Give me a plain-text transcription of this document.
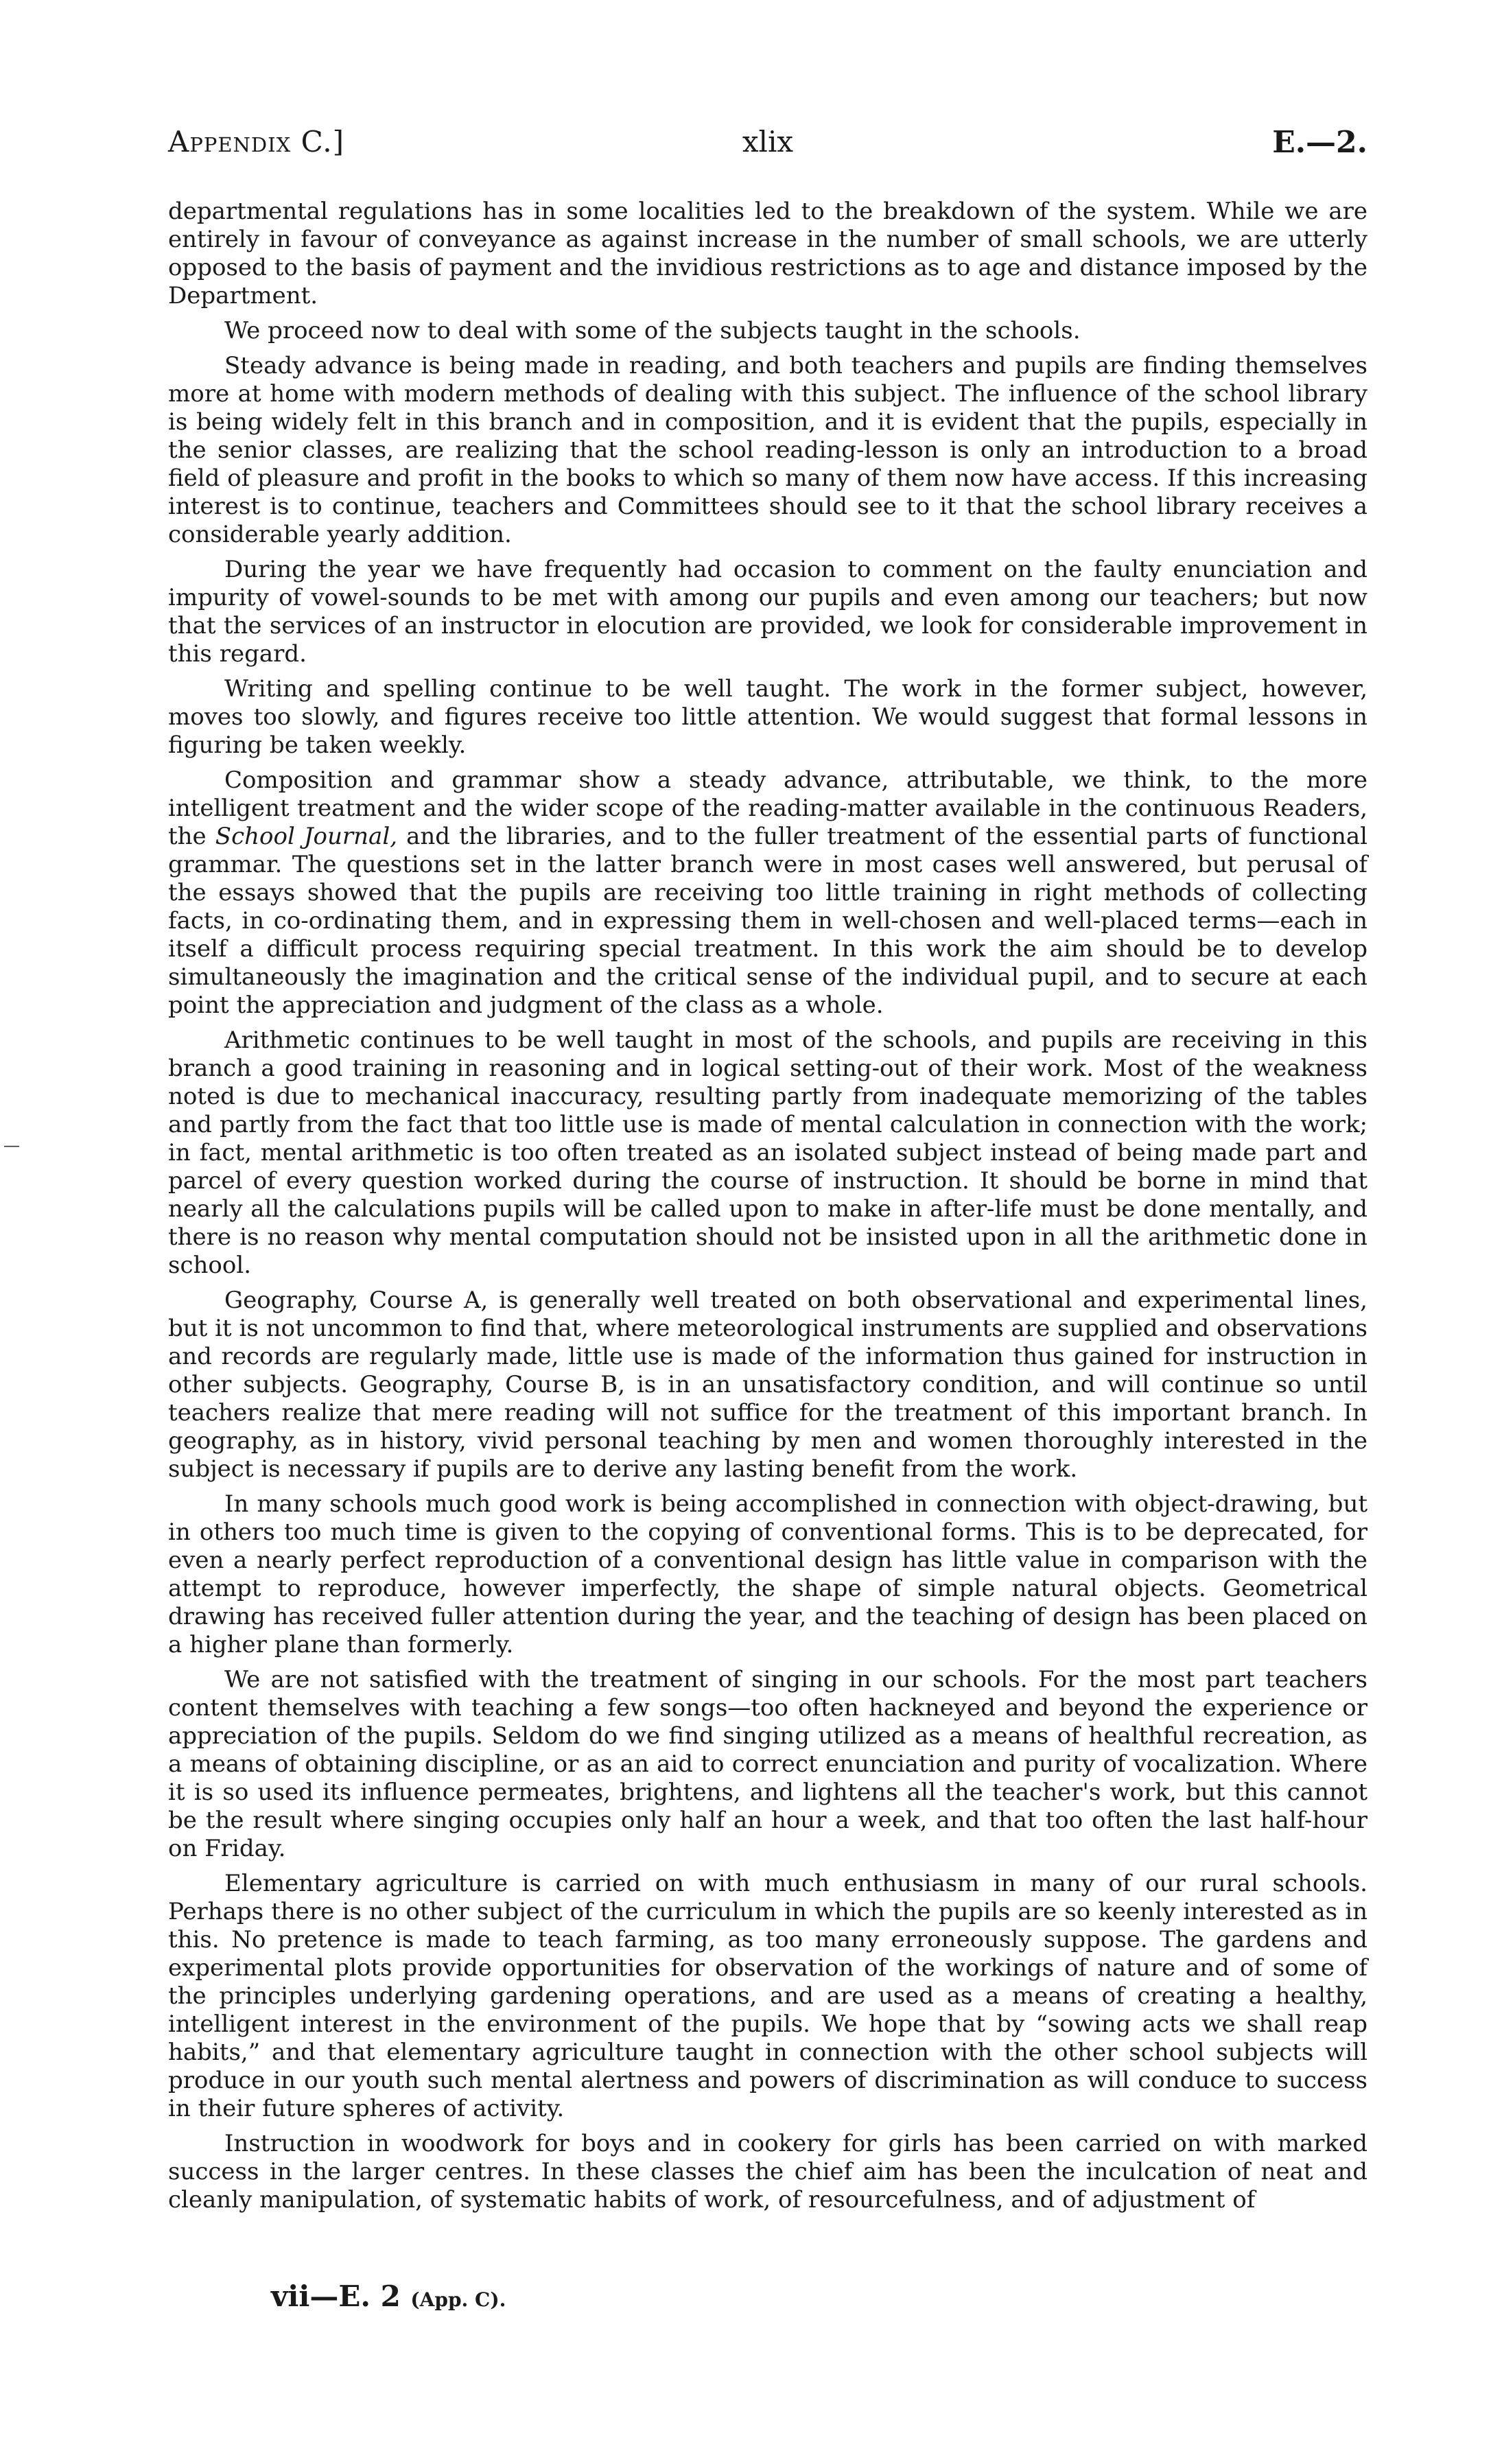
Appendix C.]	xlix	E.—2.
—

departmental regulations has in some localities led to the breakdown of the system. While we are entirely in favour of conveyance as against increase in the number of small schools, we are utterly opposed to the basis of payment and the invidious restrictions as to age and distance imposed by the Department.

We proceed now to deal with some of the subjects taught in the schools.

Steady advance is being made in reading, and both teachers and pupils are finding themselves more at home with modern methods of dealing with this subject. The influence of the school library is being widely felt in this branch and in composition, and it is evident that the pupils, especially in the senior classes, are realizing that the school reading-lesson is only an introduction to a broad field of pleasure and profit in the books to which so many of them now have access. If this increasing interest is to continue, teachers and Committees should see to it that the school library receives a considerable yearly addition.

During the year we have frequently had occasion to comment on the faulty enunciation and impurity of vowel-sounds to be met with among our pupils and even among our teachers; but now that the services of an instructor in elocution are provided, we look for considerable improvement in this regard.

Writing and spelling continue to be well taught. The work in the former subject, however, moves too slowly, and figures receive too little attention. We would suggest that formal lessons in figuring be taken weekly.

Composition and grammar show a steady advance, attributable, we think, to the more intelligent treatment and the wider scope of the reading-matter available in the continuous Readers, the School Journal, and the libraries, and to the fuller treatment of the essential parts of functional grammar. The questions set in the latter branch were in most cases well answered, but perusal of the essays showed that the pupils are receiving too little training in right methods of collecting facts, in co-ordinating them, and in expressing them in well-chosen and well-placed terms—each in itself a difficult process requiring special treatment. In this work the aim should be to develop simultaneously the imagination and the critical sense of the individual pupil, and to secure at each point the appreciation and judgment of the class as a whole.

Arithmetic continues to be well taught in most of the schools, and pupils are receiving in this branch a good training in reasoning and in logical setting-out of their work. Most of the weakness noted is due to mechanical inaccuracy, resulting partly from inadequate memorizing of the tables and partly from the fact that too little use is made of mental calculation in connection with the work; in fact, mental arithmetic is too often treated as an isolated subject instead of being made part and parcel of every question worked during the course of instruction. It should be borne in mind that nearly all the calculations pupils will be called upon to make in after-life must be done mentally, and there is no reason why mental computation should not be insisted upon in all the arithmetic done in school.

Geography, Course A, is generally well treated on both observational and experimental lines, but it is not uncommon to find that, where meteorological instruments are supplied and observations and records are regularly made, little use is made of the information thus gained for instruction in other subjects. Geography, Course B, is in an unsatisfactory condition, and will continue so until teachers realize that mere reading will not suffice for the treatment of this important branch. In geography, as in history, vivid personal teaching by men and women thoroughly interested in the subject is necessary if pupils are to derive any lasting benefit from the work.

In many schools much good work is being accomplished in connection with object-drawing, but in others too much time is given to the copying of conventional forms. This is to be deprecated, for even a nearly perfect reproduction of a conventional design has little value in comparison with the attempt to reproduce, however imperfectly, the shape of simple natural objects. Geometrical drawing has received fuller attention during the year, and the teaching of design has been placed on a higher plane than formerly.

We are not satisfied with the treatment of singing in our schools. For the most part teachers content themselves with teaching a few songs—too often hackneyed and beyond the experience or appreciation of the pupils. Seldom do we find singing utilized as a means of healthful recreation, as a means of obtaining discipline, or as an aid to correct enunciation and purity of vocalization. Where it is so used its influence permeates, brightens, and lightens all the teacher's work, but this cannot be the result where singing occupies only half an hour a week, and that too often the last half-hour on Friday.

Elementary agriculture is carried on with much enthusiasm in many of our rural schools. Perhaps there is no other subject of the curriculum in which the pupils are so keenly interested as in this. No pretence is made to teach farming, as too many erroneously suppose. The gardens and experimental plots provide opportunities for observation of the workings of nature and of some of the principles underlying gardening operations, and are used as a means of creating a healthy, intelligent interest in the environment of the pupils. We hope that by “sowing acts we shall reap habits,” and that elementary agriculture taught in connection with the other school subjects will produce in our youth such mental alertness and powers of discrimination as will conduce to success in their future spheres of activity.

Instruction in woodwork for boys and in cookery for girls has been carried on with marked success in the larger centres. In these classes the chief aim has been the inculcation of neat and cleanly manipulation, of systematic habits of work, of resourcefulness, and of adjustment of

vii—E. 2 (App. C).
